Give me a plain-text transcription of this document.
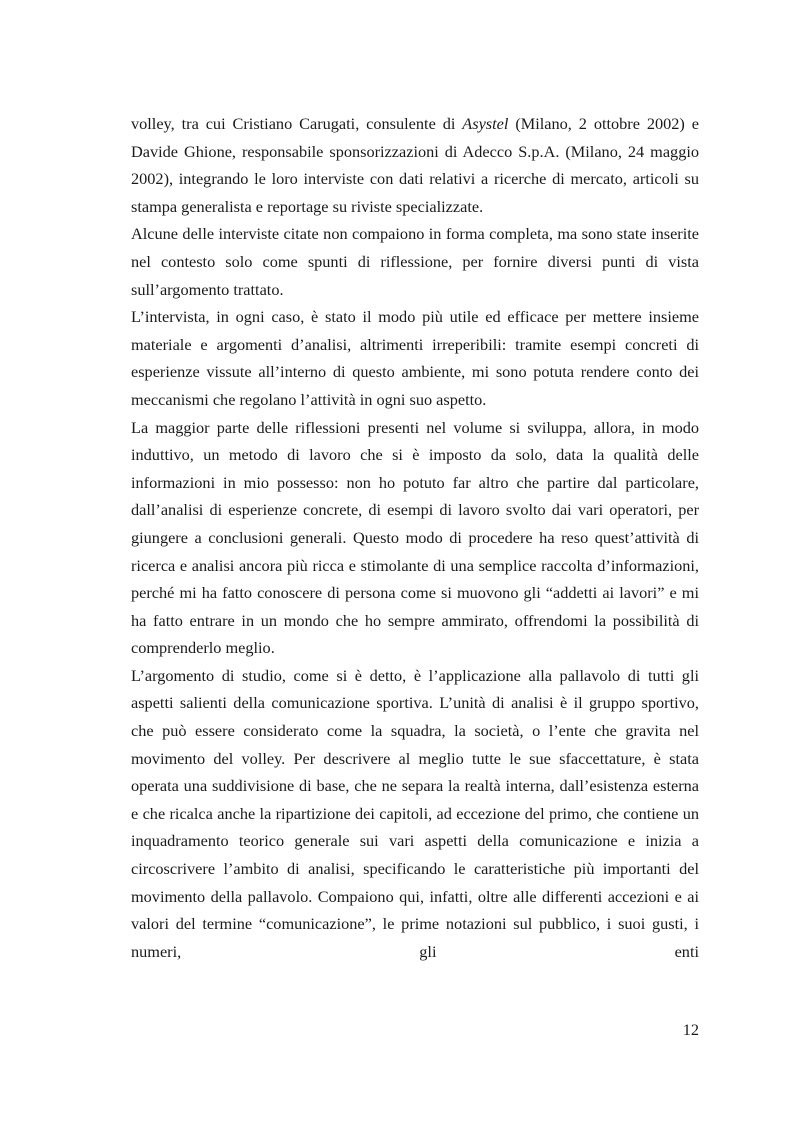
volley, tra cui Cristiano Carugati, consulente di Asystel (Milano, 2 ottobre 2002) e Davide Ghione, responsabile sponsorizzazioni di Adecco S.p.A. (Milano, 24 maggio 2002), integrando le loro interviste con dati relativi a ricerche di mercato, articoli su stampa generalista e reportage su riviste specializzate.

Alcune delle interviste citate non compaiono in forma completa, ma sono state inserite nel contesto solo come spunti di riflessione, per fornire diversi punti di vista sull’argomento trattato.

L’intervista, in ogni caso, è stato il modo più utile ed efficace per mettere insieme materiale e argomenti d’analisi, altrimenti irreperibili: tramite esempi concreti di esperienze vissute all’interno di questo ambiente, mi sono potuta rendere conto dei meccanismi che regolano l’attività in ogni suo aspetto.

La maggior parte delle riflessioni presenti nel volume si sviluppa, allora, in modo induttivo, un metodo di lavoro che si è imposto da solo, data la qualità delle informazioni in mio possesso: non ho potuto far altro che partire dal particolare, dall’analisi di esperienze concrete, di esempi di lavoro svolto dai vari operatori, per giungere a conclusioni generali. Questo modo di procedere ha reso quest’attività di ricerca e analisi ancora più ricca e stimolante di una semplice raccolta d’informazioni, perché mi ha fatto conoscere di persona come si muovono gli “addetti ai lavori” e mi ha fatto entrare in un mondo che ho sempre ammirato, offrendomi la possibilità di comprenderlo meglio.

L’argomento di studio, come si è detto, è l’applicazione alla pallavolo di tutti gli aspetti salienti della comunicazione sportiva. L’unità di analisi è il gruppo sportivo, che può essere considerato come la squadra, la società, o l’ente che gravita nel movimento del volley. Per descrivere al meglio tutte le sue sfaccettature, è stata operata una suddivisione di base, che ne separa la realtà interna, dall’esistenza esterna e che ricalca anche la ripartizione dei capitoli, ad eccezione del primo, che contiene un inquadramento teorico generale sui vari aspetti della comunicazione e inizia a circoscrivere l’ambito di analisi, specificando le caratteristiche più importanti del movimento della pallavolo. Compaiono qui, infatti, oltre alle differenti accezioni e ai valori del termine “comunicazione”, le prime notazioni sul pubblico, i suoi gusti, i numeri, gli enti

12
